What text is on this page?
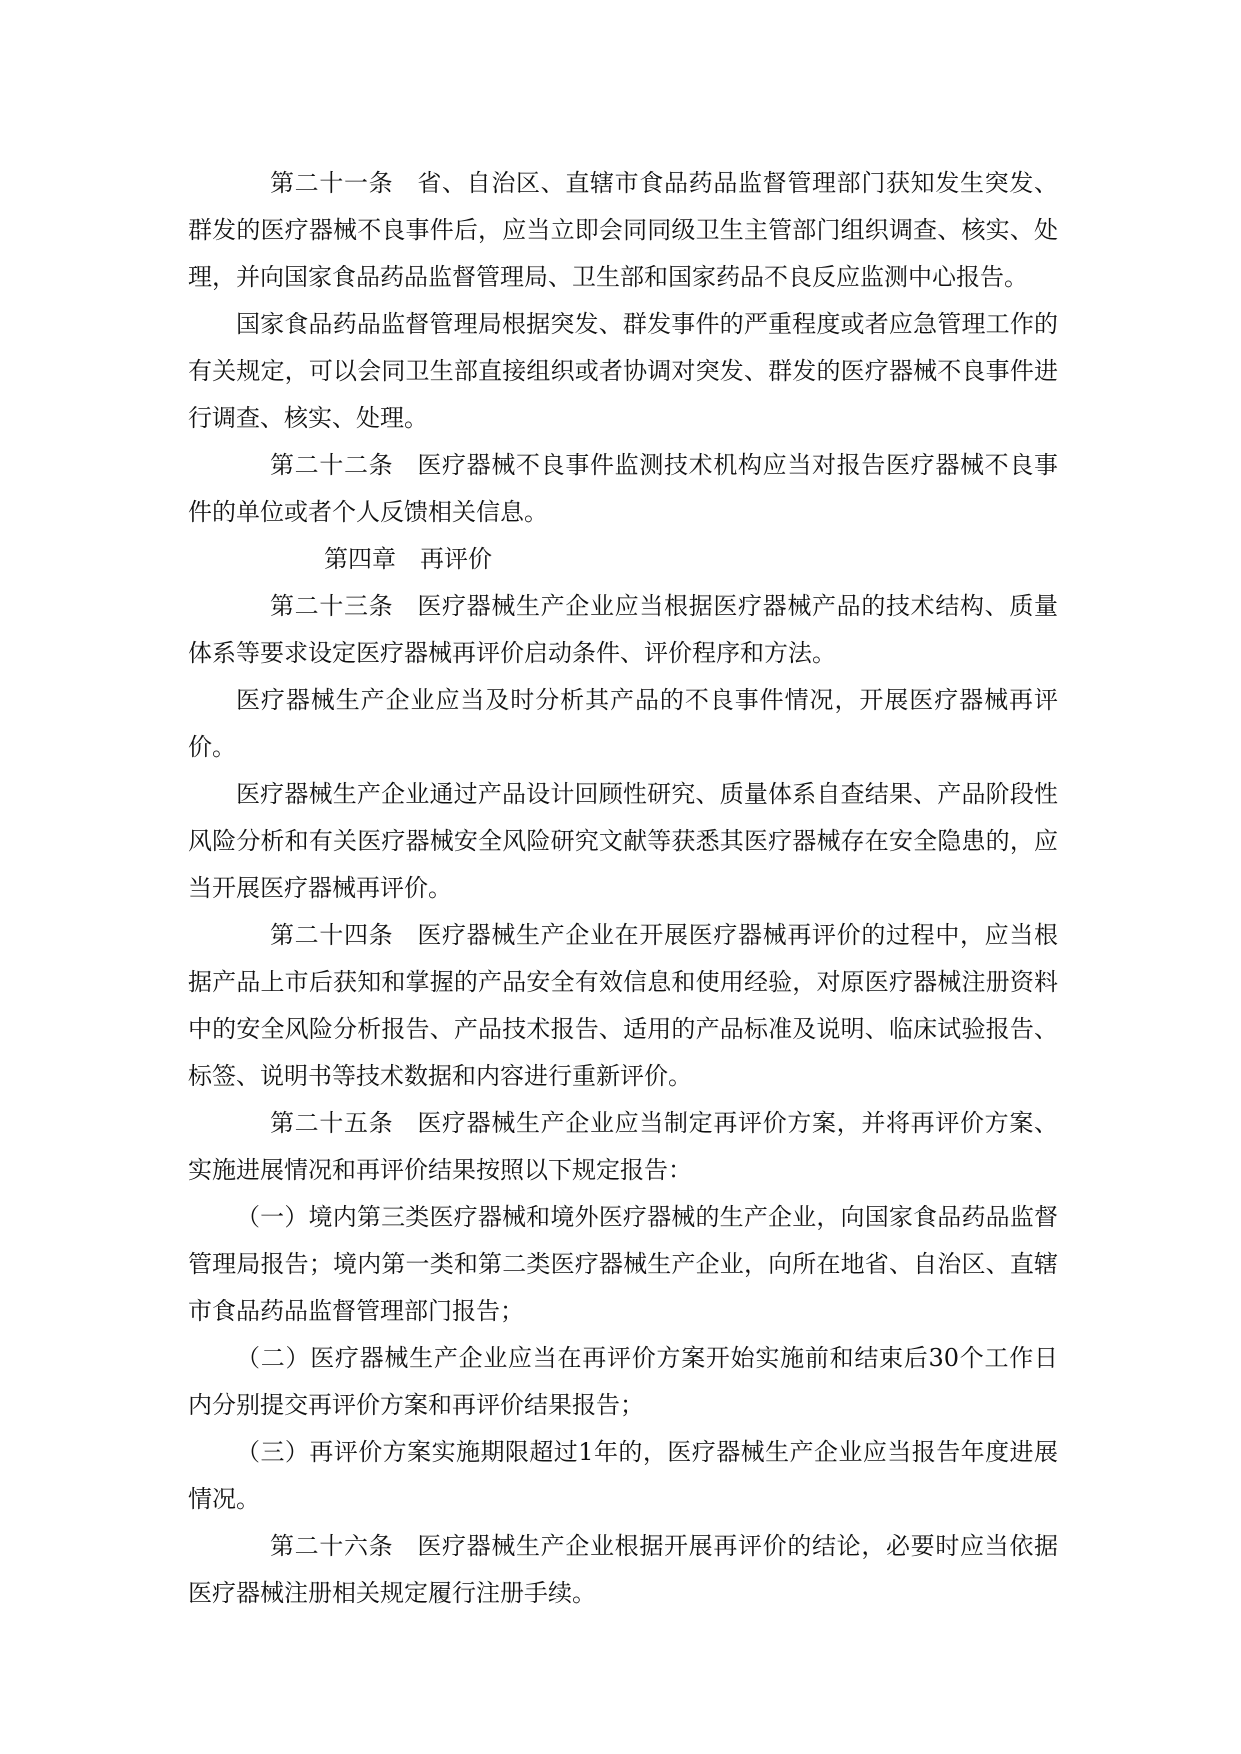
第二十一条 省、自治区、直辖市食品药品监督管理部门获知发生突发、群发的医疗器械不良事件后，应当立即会同同级卫生主管部门组织调查、核实、处理，并向国家食品药品监督管理局、卫生部和国家药品不良反应监测中心报告。

国家食品药品监督管理局根据突发、群发事件的严重程度或者应急管理工作的有关规定，可以会同卫生部直接组织或者协调对突发、群发的医疗器械不良事件进行调查、核实、处理。

第二十二条 医疗器械不良事件监测技术机构应当对报告医疗器械不良事件的单位或者个人反馈相关信息。

第四章 再评价

第二十三条 医疗器械生产企业应当根据医疗器械产品的技术结构、质量体系等要求设定医疗器械再评价启动条件、评价程序和方法。

医疗器械生产企业应当及时分析其产品的不良事件情况，开展医疗器械再评价。

医疗器械生产企业通过产品设计回顾性研究、质量体系自查结果、产品阶段性风险分析和有关医疗器械安全风险研究文献等获悉其医疗器械存在安全隐患的，应当开展医疗器械再评价。

第二十四条 医疗器械生产企业在开展医疗器械再评价的过程中，应当根据产品上市后获知和掌握的产品安全有效信息和使用经验，对原医疗器械注册资料中的安全风险分析报告、产品技术报告、适用的产品标准及说明、临床试验报告、标签、说明书等技术数据和内容进行重新评价。

第二十五条 医疗器械生产企业应当制定再评价方案，并将再评价方案、实施进展情况和再评价结果按照以下规定报告：

（一）境内第三类医疗器械和境外医疗器械的生产企业，向国家食品药品监督管理局报告；境内第一类和第二类医疗器械生产企业，向所在地省、自治区、直辖市食品药品监督管理部门报告；

（二）医疗器械生产企业应当在再评价方案开始实施前和结束后30个工作日内分别提交再评价方案和再评价结果报告；

（三）再评价方案实施期限超过1年的，医疗器械生产企业应当报告年度进展情况。

第二十六条 医疗器械生产企业根据开展再评价的结论，必要时应当依据医疗器械注册相关规定履行注册手续。
